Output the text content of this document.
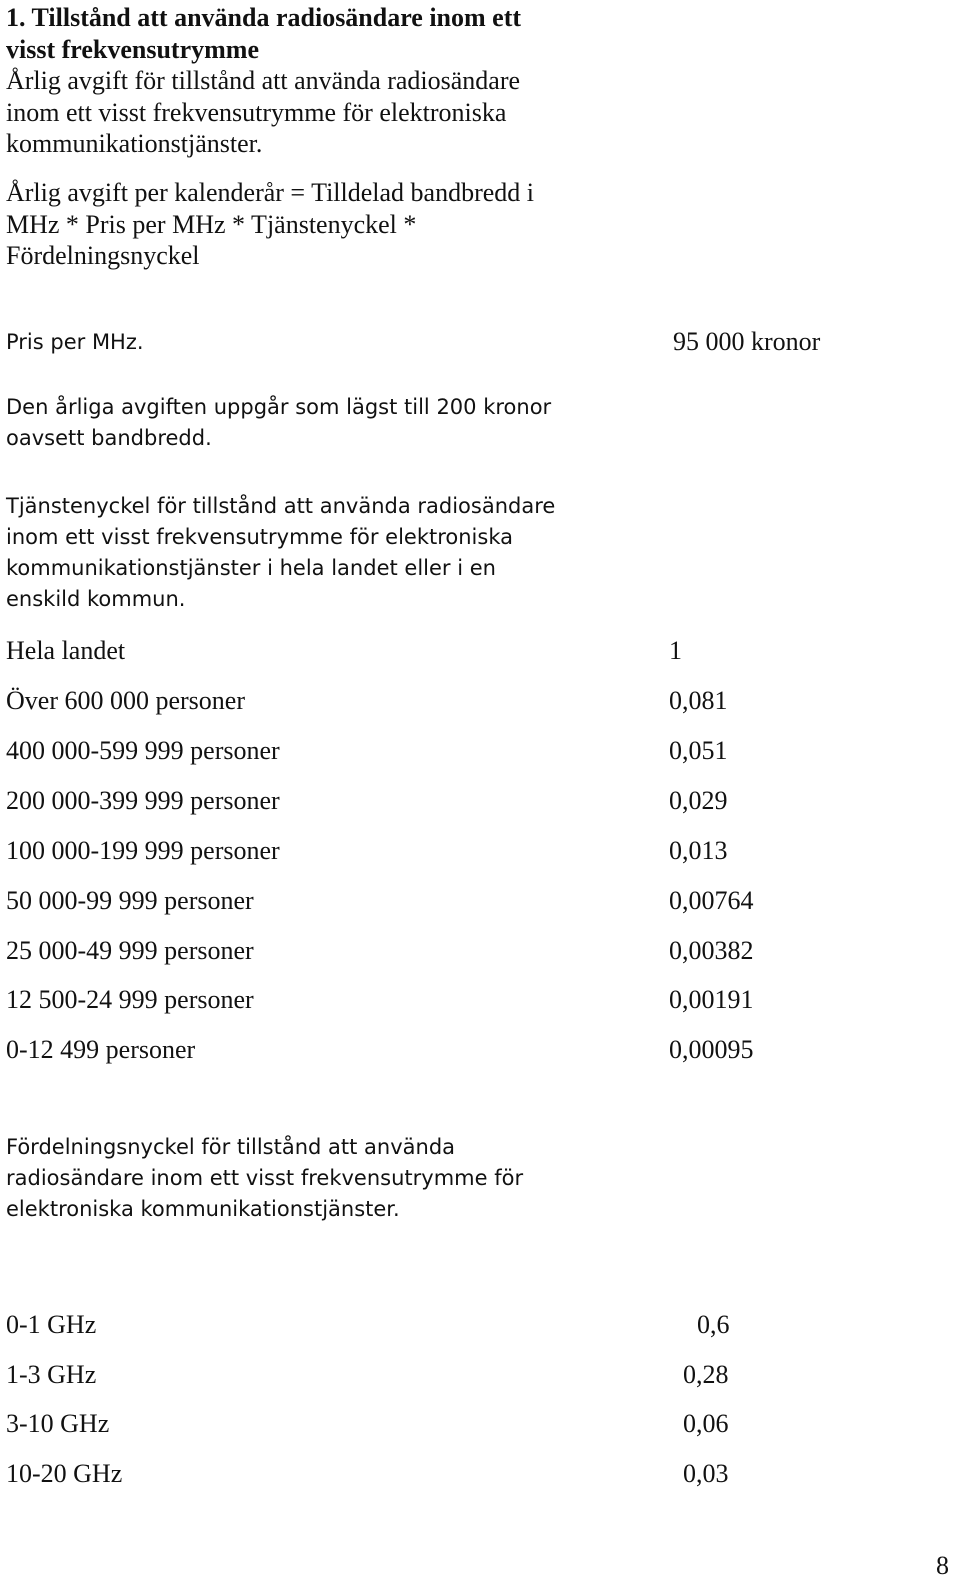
1. Tillstånd att använda radiosändare inom ett
visst frekvensutrymme

Årlig avgift för tillstånd att använda radiosändare
inom ett visst frekvensutrymme för elektroniska
kommunikationstjänster.

Årlig avgift per kalenderår = Tilldelad bandbredd i
MHz * Pris per MHz * Tjänstenyckel *
Fördelningsnyckel

Pris per MHz.	95 000 kronor

Den årliga avgiften uppgår som lägst till 200 kronor
oavsett bandbredd.

Tjänstenyckel för tillstånd att använda radiosändare
inom ett visst frekvensutrymme för elektroniska
kommunikationstjänster i hela landet eller i en
enskild kommun.

Hela landet	1
Över 600 000 personer	0,081
400 000-599 999 personer	0,051
200 000-399 999 personer	0,029
100 000-199 999 personer	0,013
50 000-99 999 personer	0,00764
25 000-49 999 personer	0,00382
12 500-24 999 personer	0,00191
0-12 499 personer	0,00095

Fördelningsnyckel för tillstånd att använda
radiosändare inom ett visst frekvensutrymme för
elektroniska kommunikationstjänster.

0-1 GHz	0,6
1-3 GHz	0,28
3-10 GHz	0,06
10-20 GHz	0,03
8
